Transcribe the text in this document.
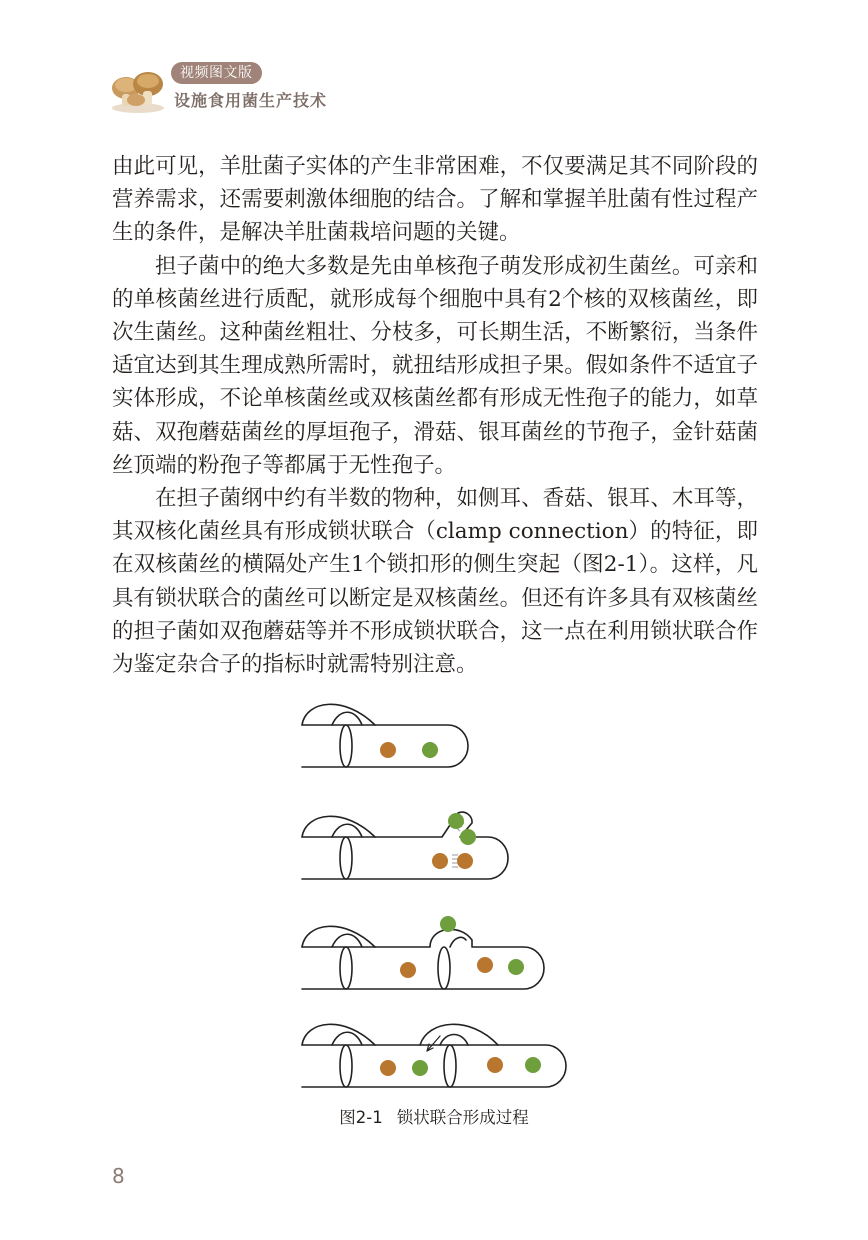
视频图文版
设施食用菌生产技术

由此可见，羊肚菌子实体的产生非常困难，不仅要满足其不同阶段的营养需求，还需要刺激体细胞的结合。了解和掌握羊肚菌有性过程产生的条件，是解决羊肚菌栽培问题的关键。

担子菌中的绝大多数是先由单核孢子萌发形成初生菌丝。可亲和的单核菌丝进行质配，就形成每个细胞中具有2个核的双核菌丝，即次生菌丝。这种菌丝粗壮、分枝多，可长期生活，不断繁衍，当条件适宜达到其生理成熟所需时，就扭结形成担子果。假如条件不适宜子实体形成，不论单核菌丝或双核菌丝都有形成无性孢子的能力，如草菇、双孢蘑菇菌丝的厚垣孢子，滑菇、银耳菌丝的节孢子，金针菇菌丝顶端的粉孢子等都属于无性孢子。

在担子菌纲中约有半数的物种，如侧耳、香菇、银耳、木耳等，其双核化菌丝具有形成锁状联合（clamp connection）的特征，即在双核菌丝的横隔处产生1个锁扣形的侧生突起（图2-1）。这样，凡具有锁状联合的菌丝可以断定是双核菌丝。但还有许多具有双核菌丝的担子菌如双孢蘑菇等并不形成锁状联合，这一点在利用锁状联合作为鉴定杂合子的指标时就需特别注意。

图2-1 锁状联合形成过程
8
